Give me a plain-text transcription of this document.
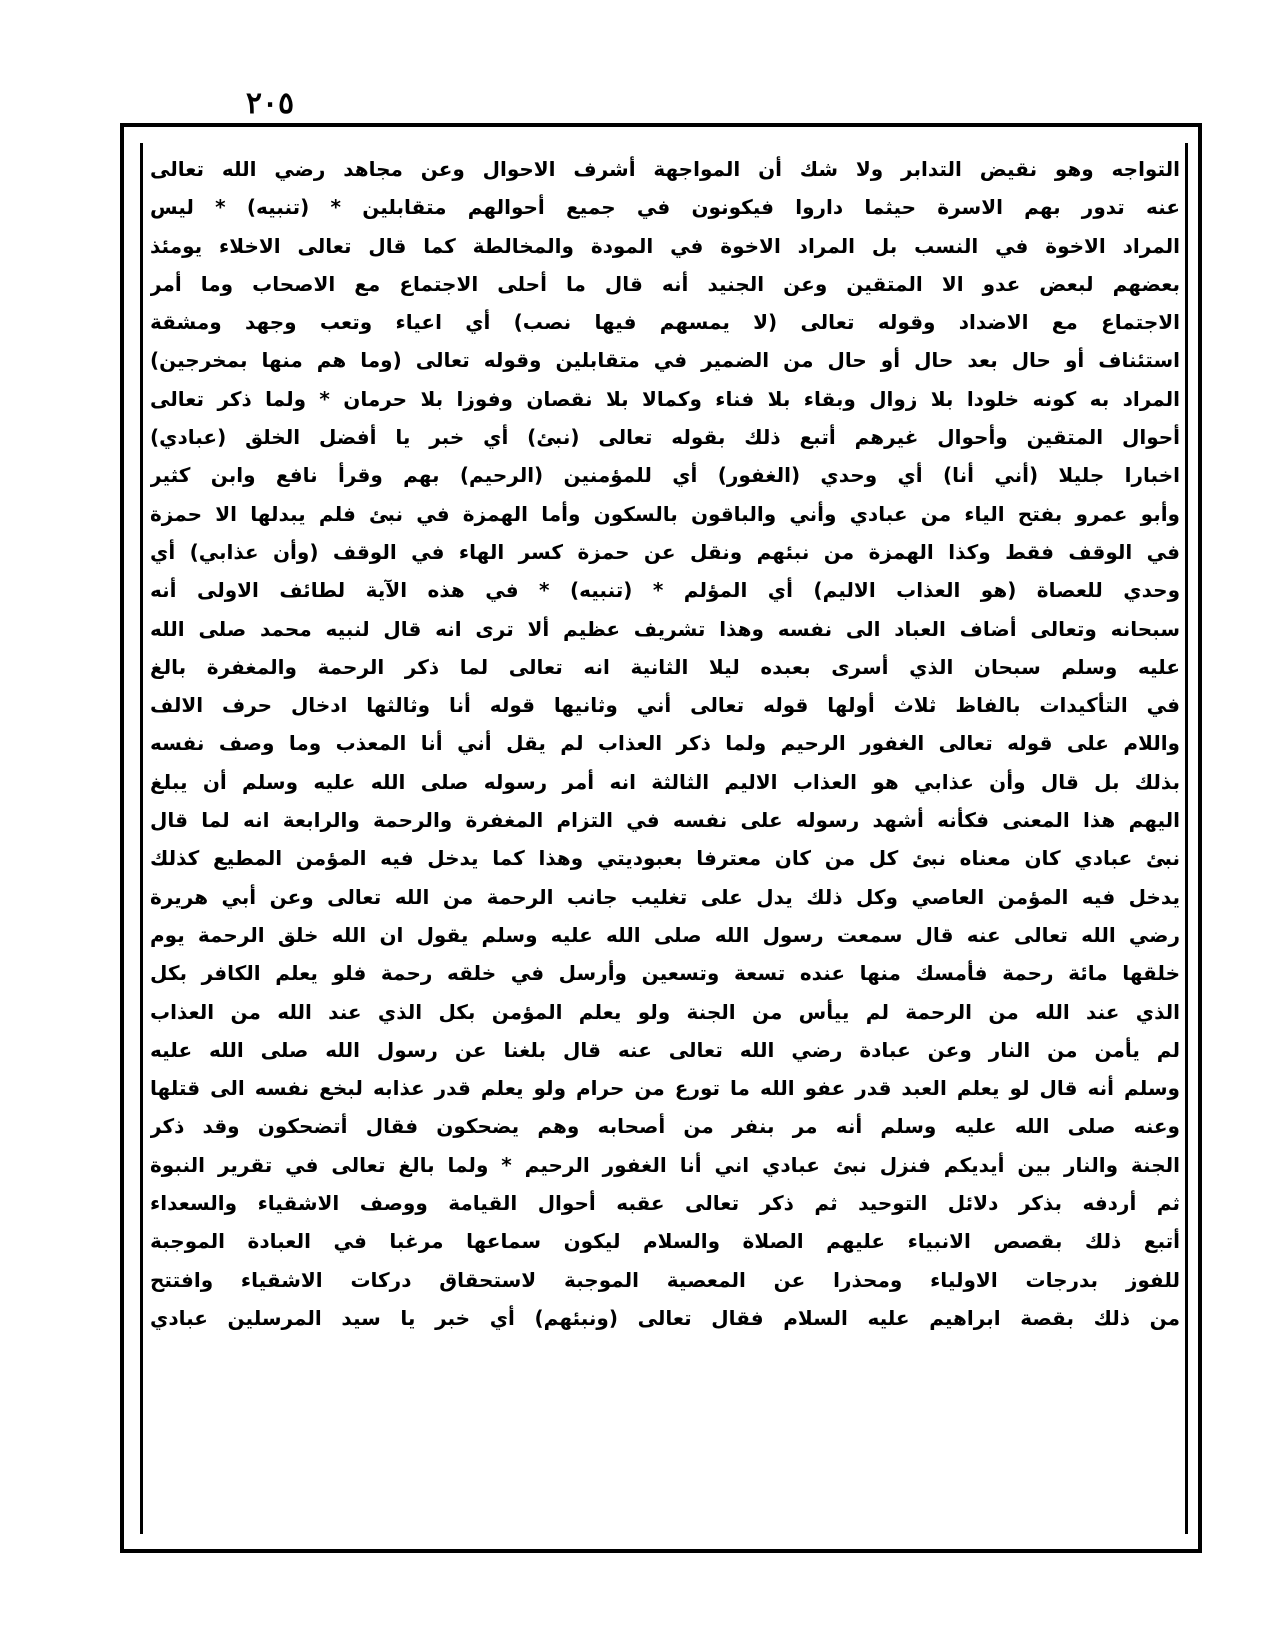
٢٠٥
التواجه وهو نقيض التدابر ولا شك أن المواجهة أشرف الاحوال وعن مجاهد رضي الله تعالى
عنه تدور بهم الاسرة حيثما داروا فيكونون في جميع أحوالهم متقابلين * (تنبيه) * ليس
المراد الاخوة في النسب بل المراد الاخوة في المودة والمخالطة كما قال تعالى الاخلاء يومئذ
بعضهم لبعض عدو الا المتقين وعن الجنيد أنه قال ما أحلى الاجتماع مع الاصحاب وما أمر
الاجتماع مع الاضداد وقوله تعالى (لا يمسهم فيها نصب) أي اعياء وتعب وجهد ومشقة
استئناف أو حال بعد حال أو حال من الضمير في متقابلين وقوله تعالى (وما هم منها بمخرجين)
المراد به كونه خلودا بلا زوال وبقاء بلا فناء وكمالا بلا نقصان وفوزا بلا حرمان * ولما ذكر تعالى
أحوال المتقين وأحوال غيرهم أتبع ذلك بقوله تعالى (نبئ) أي خبر يا أفضل الخلق (عبادي)
اخبارا جليلا (أني أنا) أي وحدي (الغفور) أي للمؤمنين (الرحيم) بهم وقرأ نافع وابن كثير
وأبو عمرو بفتح الياء من عبادي وأني والباقون بالسكون وأما الهمزة في نبئ فلم يبدلها الا حمزة
في الوقف فقط وكذا الهمزة من نبئهم ونقل عن حمزة كسر الهاء في الوقف (وأن عذابي) أي
وحدي للعصاة (هو العذاب الاليم) أي المؤلم * (تنبيه) * في هذه الآية لطائف الاولى أنه
سبحانه وتعالى أضاف العباد الى نفسه وهذا تشريف عظيم ألا ترى انه قال لنبيه محمد صلى الله
عليه وسلم سبحان الذي أسرى بعبده ليلا الثانية انه تعالى لما ذكر الرحمة والمغفرة بالغ
في التأكيدات بالفاظ ثلاث أولها قوله تعالى أني وثانيها قوله أنا وثالثها ادخال حرف الالف
واللام على قوله تعالى الغفور الرحيم ولما ذكر العذاب لم يقل أني أنا المعذب وما وصف نفسه
بذلك بل قال وأن عذابي هو العذاب الاليم الثالثة انه أمر رسوله صلى الله عليه وسلم أن يبلغ
اليهم هذا المعنى فكأنه أشهد رسوله على نفسه في التزام المغفرة والرحمة والرابعة انه لما قال
نبئ عبادي كان معناه نبئ كل من كان معترفا بعبوديتي وهذا كما يدخل فيه المؤمن المطيع كذلك
يدخل فيه المؤمن العاصي وكل ذلك يدل على تغليب جانب الرحمة من الله تعالى وعن أبي هريرة
رضي الله تعالى عنه قال سمعت رسول الله صلى الله عليه وسلم يقول ان الله خلق الرحمة يوم
خلقها مائة رحمة فأمسك منها عنده تسعة وتسعين وأرسل في خلقه رحمة فلو يعلم الكافر بكل
الذي عند الله من الرحمة لم ييأس من الجنة ولو يعلم المؤمن بكل الذي عند الله من العذاب
لم يأمن من النار وعن عبادة رضي الله تعالى عنه قال بلغنا عن رسول الله صلى الله عليه
وسلم أنه قال لو يعلم العبد قدر عفو الله ما تورع من حرام ولو يعلم قدر عذابه لبخع نفسه الى قتلها
وعنه صلى الله عليه وسلم أنه مر بنفر من أصحابه وهم يضحكون فقال أتضحكون وقد ذكر
الجنة والنار بين أيديكم فنزل نبئ عبادي اني أنا الغفور الرحيم * ولما بالغ تعالى في تقرير النبوة
ثم أردفه بذكر دلائل التوحيد ثم ذكر تعالى عقبه أحوال القيامة ووصف الاشقياء والسعداء
أتبع ذلك بقصص الانبياء عليهم الصلاة والسلام ليكون سماعها مرغبا في العبادة الموجبة
للفوز بدرجات الاولياء ومحذرا عن المعصية الموجبة لاستحقاق دركات الاشقياء وافتتح
من ذلك بقصة ابراهيم عليه السلام فقال تعالى (ونبئهم) أي خبر يا سيد المرسلين عبادي
